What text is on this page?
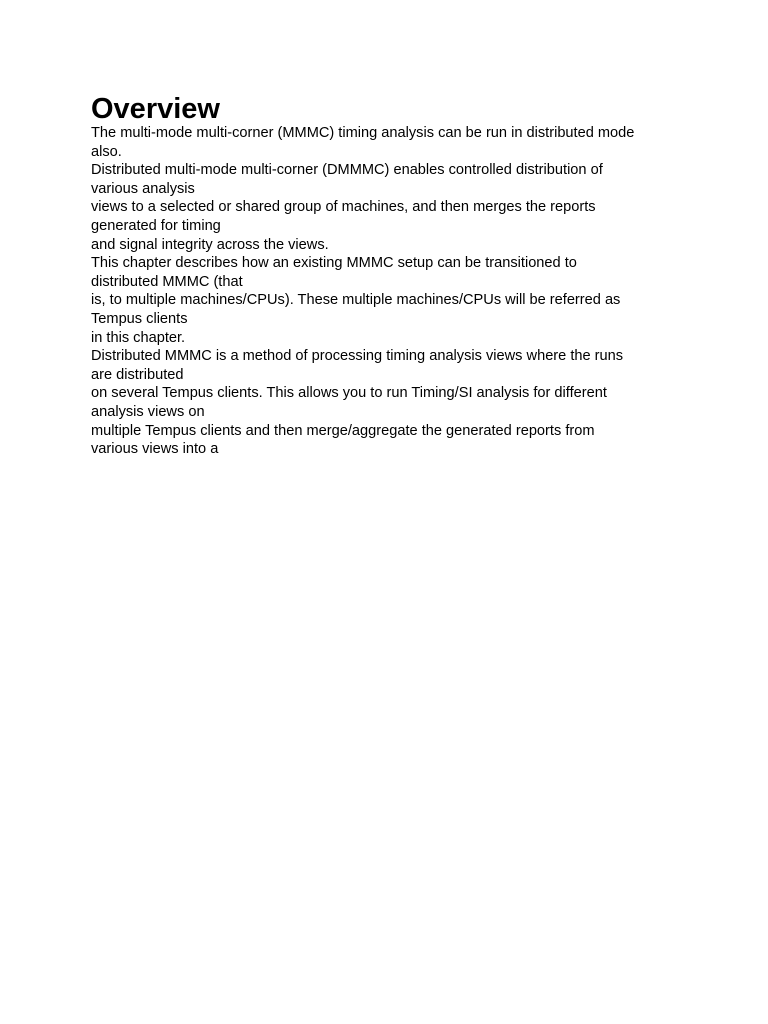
Overview

The multi-mode multi-corner (MMMC) timing analysis can be run in distributed mode

also.

Distributed multi-mode multi-corner (DMMMC) enables controlled distribution of

various analysis

views to a selected or shared group of machines, and then merges the reports

generated for timing

and signal integrity across the views.

This chapter describes how an existing MMMC setup can be transitioned to

distributed MMMC (that

is, to multiple machines/CPUs). These multiple machines/CPUs will be referred as

Tempus clients

in this chapter.

Distributed MMMC is a method of processing timing analysis views where the runs

are distributed

on several Tempus clients. This allows you to run Timing/SI analysis for different

analysis views on

multiple Tempus clients and then merge/aggregate the generated reports from

various views into a
